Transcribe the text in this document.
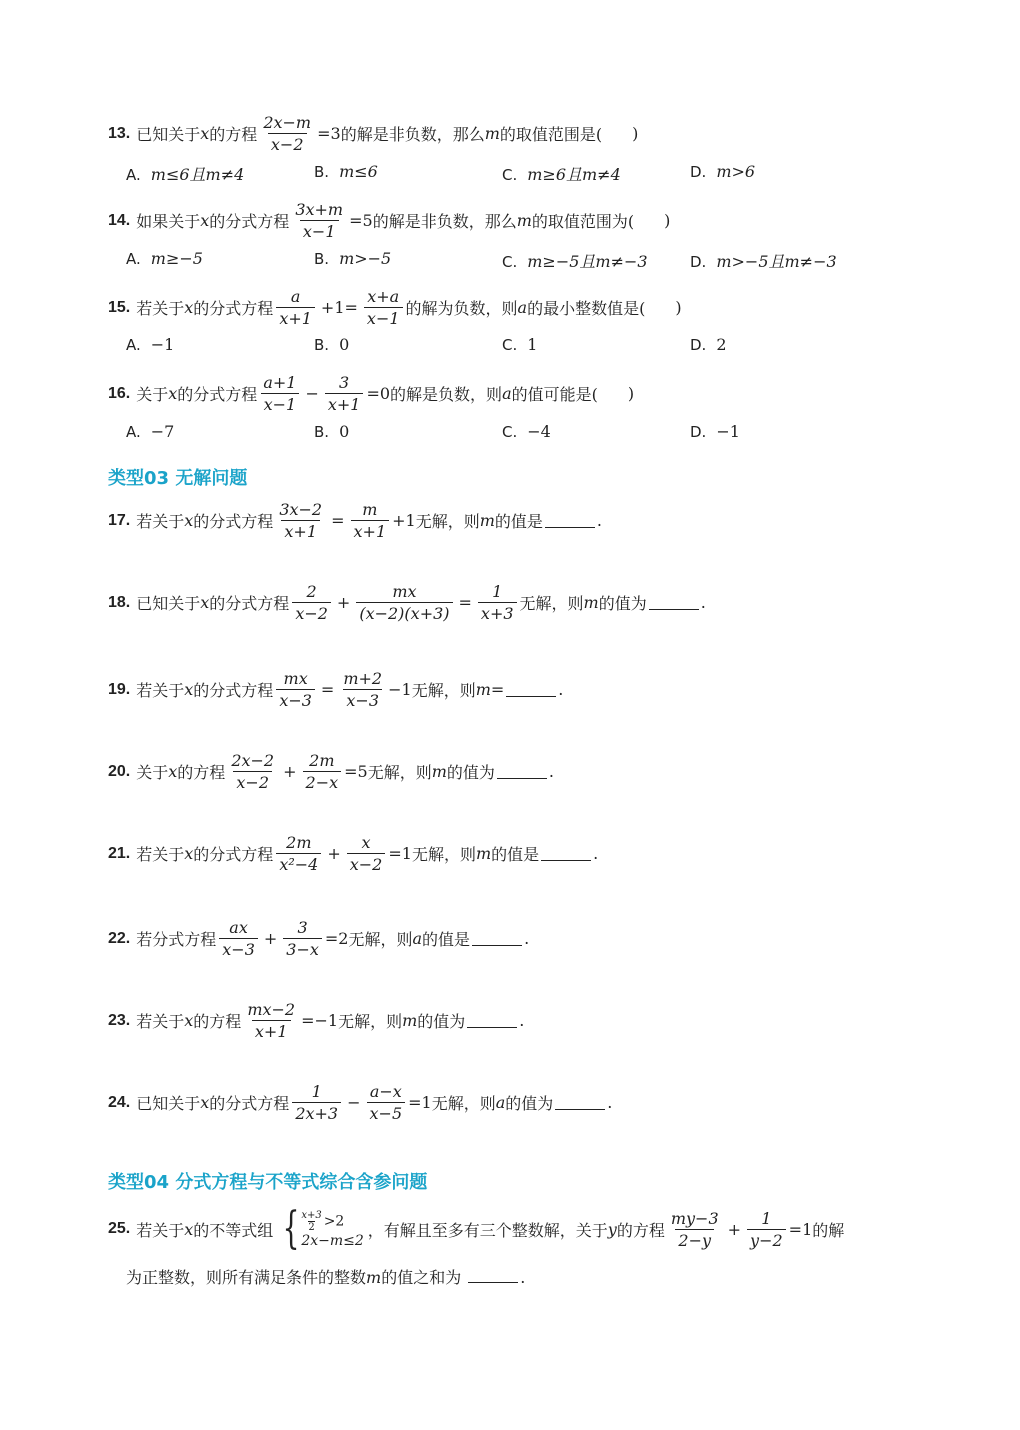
13. 已知关于 x 的方程 $\frac{2x-m}{x-2} =3$ 的解是非负数，那么 m 的取值范围是( )
A. m≤6且m≠4	B. m≤6	C. m≥6且m≠4	D. m>6
14. 如果关于 x 的分式方程 $\frac{3x+m}{x-1} =5$ 的解是非负数，那么 m 的取值范围为( )
A. m≥−5	B. m>−5	C. m≥−5且m≠−3	D. m>−5且m≠−3
15. 若关于 x 的分式方程 $\frac{a}{x+1} +1= \frac{x+a}{x-1}$ 的解为负数，则 a 的最小整数值是( )
A. −1	B. 0	C. 1	D. 2
16. 关于 x 的分式方程 $\frac{a+1}{x-1} - \frac{3}{x+1} =0$ 的解是负数，则 a 的值可能是( )
A. −7	B. 0	C. −4	D. −1
类型03 无解问题
17. 若关于 x 的分式方程 $\frac{3x-2}{x+1} = \frac{m}{x+1} +1$ 无解，则 m 的值是	.
18. 已知关于 x 的分式方程 $\frac{2}{x-2} + \frac{mx}{(x-2)(x+3)} = \frac{1}{x+3}$ 无解，则 m 的值为	.
19. 若关于 x 的分式方程 $\frac{mx}{x-3} = \frac{m+2}{x-3} -1$ 无解，则 m =	.
20. 关于 x 的方程 $\frac{2x-2}{x-2} + \frac{2m}{2-x} =5$ 无解，则 m 的值为	.
21. 若关于 x 的分式方程 $\frac{2m}{\text{x²−4}} + \frac{x}{x-2} =1$ 无解，则 m 的值是	.
22. 若分式方程 $\frac{ax}{x-3} + \frac{3}{3-x} =2$ 无解，则 a 的值是	.
23. 若关于 x 的方程 $\frac{mx-2}{x+1} =-1$ 无解，则 m 的值为	.
24. 已知关于 x 的分式方程 $\frac{1}{2x+3} - \frac{a-x}{x-5} =1$ 无解，则 a 的值为	.
类型04 分式方程与不等式综合含参问题
25. 若关于 x 的不等式组 { $\frac{x+3}{2} >2$
2x−m≤2
，有解且至多有三个整数解，关于 y 的方程 $\frac{my-3}{2-y} + \frac{1}{y-2} =1$ 的解
为正整数，则所有满足条件的整数m的值之和为	.
